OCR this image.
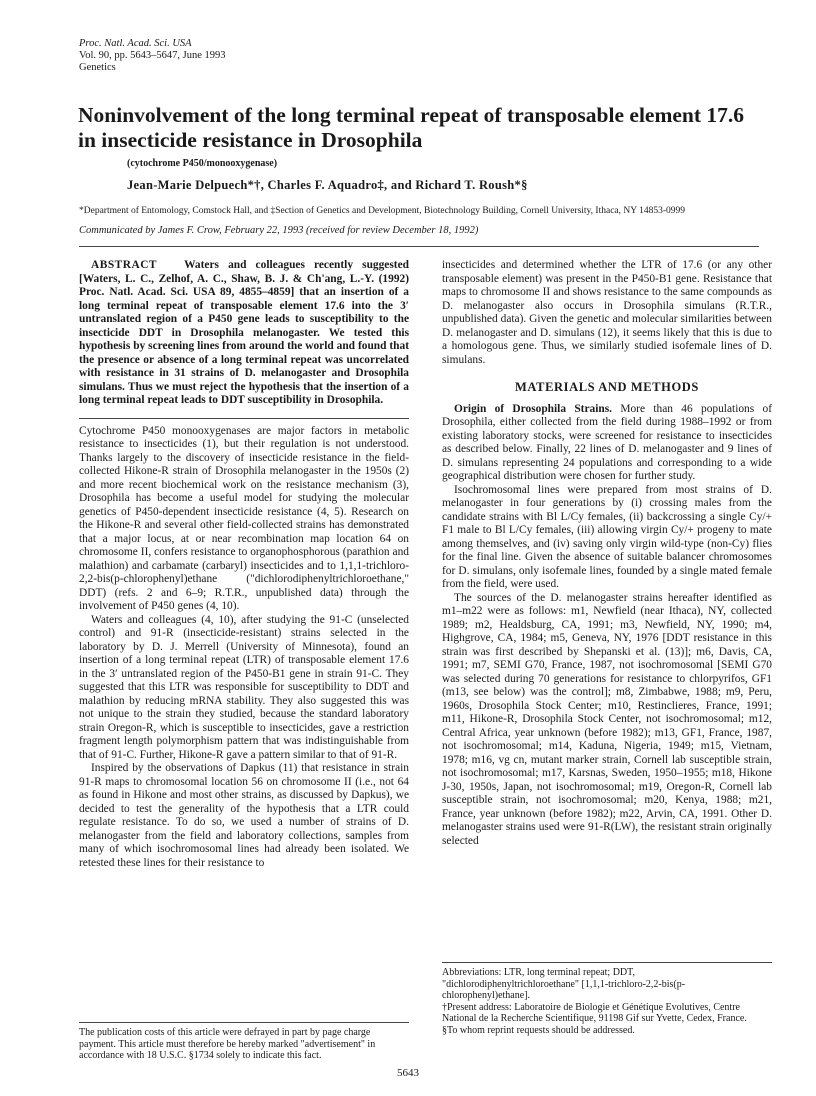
Proc. Natl. Acad. Sci. USA
Vol. 90, pp. 5643–5647, June 1993
Genetics
Noninvolvement of the long terminal repeat of transposable element 17.6 in insecticide resistance in Drosophila
(cytochrome P450/monooxygenase)
Jean-Marie Delpuech*†, Charles F. Aquadro‡, and Richard T. Roush*§
*Department of Entomology, Comstock Hall, and ‡Section of Genetics and Development, Biotechnology Building, Cornell University, Ithaca, NY 14853-0999
Communicated by James F. Crow, February 22, 1993 (received for review December 18, 1992)

ABSTRACT Waters and colleagues recently suggested [Waters, L. C., Zelhof, A. C., Shaw, B. J. & Ch'ang, L.-Y. (1992) Proc. Natl. Acad. Sci. USA 89, 4855–4859] that an insertion of a long terminal repeat of transposable element 17.6 into the 3′ untranslated region of a P450 gene leads to susceptibility to the insecticide DDT in Drosophila melanogaster. We tested this hypothesis by screening lines from around the world and found that the presence or absence of a long terminal repeat was uncorrelated with resistance in 31 strains of D. melanogaster and Drosophila simulans. Thus we must reject the hypothesis that the insertion of a long terminal repeat leads to DDT susceptibility in Drosophila.

Cytochrome P450 monooxygenases are major factors in metabolic resistance to insecticides (1), but their regulation is not understood. Thanks largely to the discovery of insecticide resistance in the field-collected Hikone-R strain of Drosophila melanogaster in the 1950s (2) and more recent biochemical work on the resistance mechanism (3), Drosophila has become a useful model for studying the molecular genetics of P450-dependent insecticide resistance (4, 5). Research on the Hikone-R and several other field-collected strains has demonstrated that a major locus, at or near recombination map location 64 on chromosome II, confers resistance to organophosphorous (parathion and malathion) and carbamate (carbaryl) insecticides and to 1,1,1-trichloro-2,2-bis(p-chlorophenyl)ethane ("dichlorodiphenyltrichloroethane," DDT) (refs. 2 and 6–9; R.T.R., unpublished data) through the involvement of P450 genes (4, 10).

Waters and colleagues (4, 10), after studying the 91-C (unselected control) and 91-R (insecticide-resistant) strains selected in the laboratory by D. J. Merrell (University of Minnesota), found an insertion of a long terminal repeat (LTR) of transposable element 17.6 in the 3′ untranslated region of the P450-B1 gene in strain 91-C. They suggested that this LTR was responsible for susceptibility to DDT and malathion by reducing mRNA stability. They also suggested this was not unique to the strain they studied, because the standard laboratory strain Oregon-R, which is susceptible to insecticides, gave a restriction fragment length polymorphism pattern that was indistinguishable from that of 91-C. Further, Hikone-R gave a pattern similar to that of 91-R.

Inspired by the observations of Dapkus (11) that resistance in strain 91-R maps to chromosomal location 56 on chromosome II (i.e., not 64 as found in Hikone and most other strains, as discussed by Dapkus), we decided to test the generality of the hypothesis that a LTR could regulate resistance. To do so, we used a number of strains of D. melanogaster from the field and laboratory collections, samples from many of which isochromosomal lines had already been isolated. We retested these lines for their resistance to

insecticides and determined whether the LTR of 17.6 (or any other transposable element) was present in the P450-B1 gene. Resistance that maps to chromosome II and shows resistance to the same compounds as D. melanogaster also occurs in Drosophila simulans (R.T.R., unpublished data). Given the genetic and molecular similarities between D. melanogaster and D. simulans (12), it seems likely that this is due to a homologous gene. Thus, we similarly studied isofemale lines of D. simulans.

MATERIALS AND METHODS

Origin of Drosophila Strains. More than 46 populations of Drosophila, either collected from the field during 1988–1992 or from existing laboratory stocks, were screened for resistance to insecticides as described below. Finally, 22 lines of D. melanogaster and 9 lines of D. simulans representing 24 populations and corresponding to a wide geographical distribution were chosen for further study.

Isochromosomal lines were prepared from most strains of D. melanogaster in four generations by (i) crossing males from the candidate strains with Bl L/Cy females, (ii) backcrossing a single Cy/+ F1 male to Bl L/Cy females, (iii) allowing virgin Cy/+ progeny to mate among themselves, and (iv) saving only virgin wild-type (non-Cy) flies for the final line. Given the absence of suitable balancer chromosomes for D. simulans, only isofemale lines, founded by a single mated female from the field, were used.

The sources of the D. melanogaster strains hereafter identified as m1–m22 were as follows: m1, Newfield (near Ithaca), NY, collected 1989; m2, Healdsburg, CA, 1991; m3, Newfield, NY, 1990; m4, Highgrove, CA, 1984; m5, Geneva, NY, 1976 [DDT resistance in this strain was first described by Shepanski et al. (13)]; m6, Davis, CA, 1991; m7, SEMI G70, France, 1987, not isochromosomal [SEMI G70 was selected during 70 generations for resistance to chlorpyrifos, GF1 (m13, see below) was the control]; m8, Zimbabwe, 1988; m9, Peru, 1960s, Drosophila Stock Center; m10, Restinclieres, France, 1991; m11, Hikone-R, Drosophila Stock Center, not isochromosomal; m12, Central Africa, year unknown (before 1982); m13, GF1, France, 1987, not isochromosomal; m14, Kaduna, Nigeria, 1949; m15, Vietnam, 1978; m16, vg cn, mutant marker strain, Cornell lab susceptible strain, not isochromosomal; m17, Karsnas, Sweden, 1950–1955; m18, Hikone J-30, 1950s, Japan, not isochromosomal; m19, Oregon-R, Cornell lab susceptible strain, not isochromosomal; m20, Kenya, 1988; m21, France, year unknown (before 1982); m22, Arvin, CA, 1991. Other D. melanogaster strains used were 91-R(LW), the resistant strain originally selected

Abbreviations: LTR, long terminal repeat; DDT, "dichlorodiphenyltrichloroethane" [1,1,1-trichloro-2,2-bis(p-chlorophenyl)ethane].

†Present address: Laboratoire de Biologie et Génétique Evolutives, Centre National de la Recherche Scientifique, 91198 Gif sur Yvette, Cedex, France.

§To whom reprint requests should be addressed.

The publication costs of this article were defrayed in part by page charge payment. This article must therefore be hereby marked "advertisement" in accordance with 18 U.S.C. §1734 solely to indicate this fact.

5643
